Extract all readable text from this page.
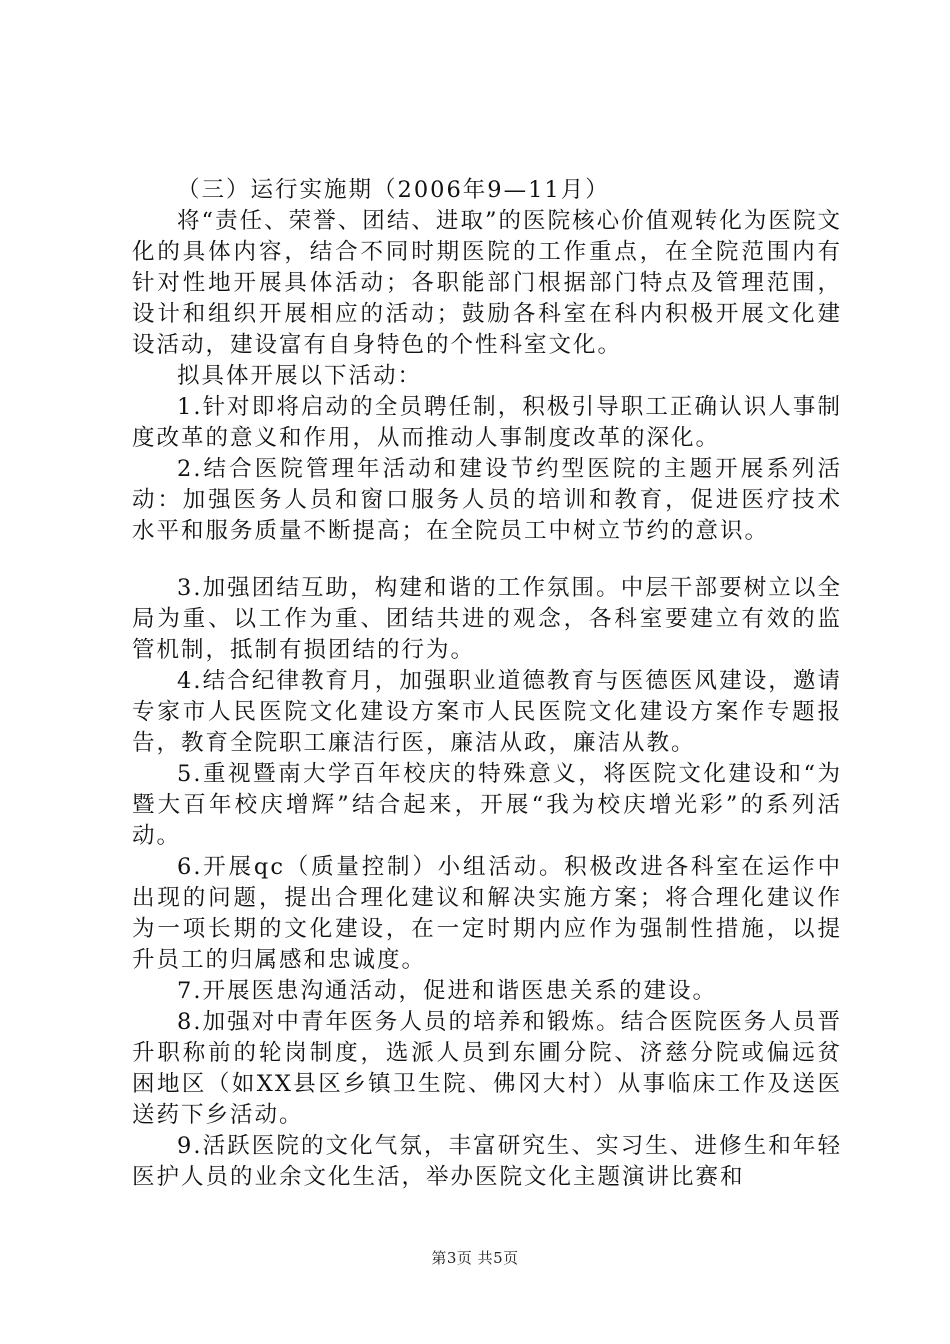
（三）运行实施期（2006年9—11月）

将“责任、荣誉、团结、进取”的医院核心价值观转化为医院文化的具体内容，结合不同时期医院的工作重点，在全院范围内有针对性地开展具体活动；各职能部门根据部门特点及管理范围，设计和组织开展相应的活动；鼓励各科室在科内积极开展文化建设活动，建设富有自身特色的个性科室文化。

拟具体开展以下活动：

1.针对即将启动的全员聘任制，积极引导职工正确认识人事制度改革的意义和作用，从而推动人事制度改革的深化。

2.结合医院管理年活动和建设节约型医院的主题开展系列活动：加强医务人员和窗口服务人员的培训和教育，促进医疗技术水平和服务质量不断提高；在全院员工中树立节约的意识。

3.加强团结互助，构建和谐的工作氛围。中层干部要树立以全局为重、以工作为重、团结共进的观念，各科室要建立有效的监管机制，抵制有损团结的行为。

4.结合纪律教育月，加强职业道德教育与医德医风建设，邀请专家市人民医院文化建设方案市人民医院文化建设方案作专题报告，教育全院职工廉洁行医，廉洁从政，廉洁从教。

5.重视暨南大学百年校庆的特殊意义，将医院文化建设和“为暨大百年校庆增辉”结合起来，开展“我为校庆增光彩”的系列活动。

6.开展qc（质量控制）小组活动。积极改进各科室在运作中出现的问题，提出合理化建议和解决实施方案；将合理化建议作为一项长期的文化建设，在一定时期内应作为强制性措施，以提升员工的归属感和忠诚度。

7.开展医患沟通活动，促进和谐医患关系的建设。

8.加强对中青年医务人员的培养和锻炼。结合医院医务人员晋升职称前的轮岗制度，选派人员到东圃分院、济慈分院或偏远贫困地区（如XX县区乡镇卫生院、佛冈大村）从事临床工作及送医送药下乡活动。

9.活跃医院的文化气氛，丰富研究生、实习生、进修生和年轻医护人员的业余文化生活，举办医院文化主题演讲比赛和

第3页 共5页
